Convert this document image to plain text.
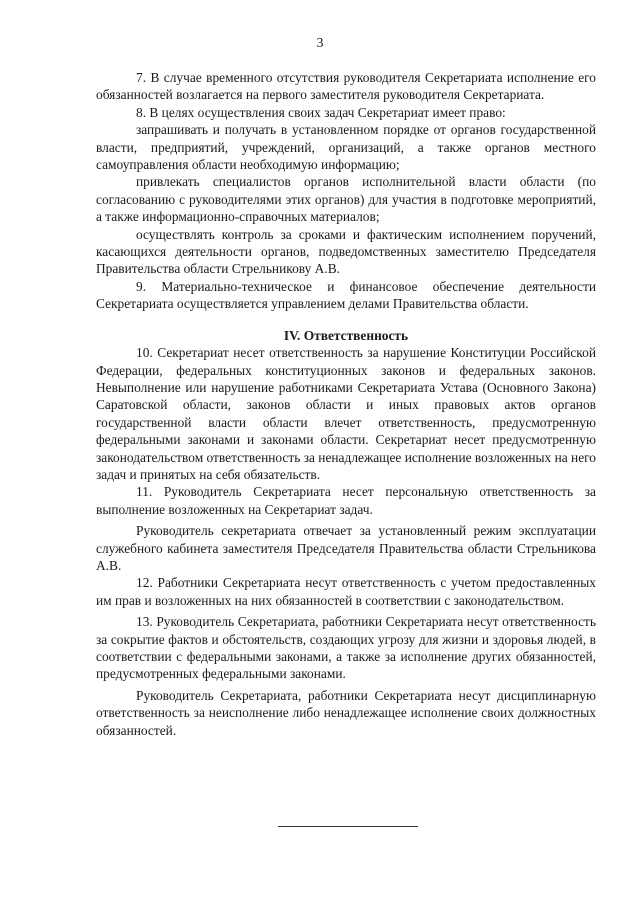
3

7. В случае временного отсутствия руководителя Секретариата исполнение его обязанностей возлагается на первого заместителя руководителя Секретариата.

8. В целях осуществления своих задач Секретариат имеет право:

запрашивать и получать в установленном порядке от органов государственной власти, предприятий, учреждений, организаций, а также органов местного самоуправления области необходимую информацию;

привлекать специалистов органов исполнительной власти области (по согласованию с руководителями этих органов) для участия в подготовке мероприятий, а также информационно-справочных материалов;

осуществлять контроль за сроками и фактическим исполнением поручений, касающихся деятельности органов, подведомственных заместителю Председателя Правительства области Стрельникову А.В.

9. Материально-техническое и финансовое обеспечение деятельности Секретариата осуществляется управлением делами Правительства области.

IV. Ответственность

10. Секретариат несет ответственность за нарушение Конституции Российской Федерации, федеральных конституционных законов и федеральных законов. Невыполнение или нарушение работниками Секретариата Устава (Основного Закона) Саратовской области, законов области и иных правовых актов органов государственной власти области влечет ответственность, предусмотренную федеральными законами и законами области. Секретариат несет предусмотренную законодательством ответственность за ненадлежащее исполнение возложенных на него задач и принятых на себя обязательств.

11. Руководитель Секретариата несет персональную ответственность за выполнение возложенных на Секретариат задач.

Руководитель секретариата отвечает за установленный режим эксплуатации служебного кабинета заместителя Председателя Правительства области Стрельникова А.В.

12. Работники Секретариата несут ответственность с учетом предоставленных им прав и возложенных на них обязанностей в соответствии с законодательством.

13. Руководитель Секретариата, работники Секретариата несут ответственность за сокрытие фактов и обстоятельств, создающих угрозу для жизни и здоровья людей, в соответствии с федеральными законами, а также за исполнение других обязанностей, предусмотренных федеральными законами.

Руководитель Секретариата, работники Секретариата несут дисциплинарную ответственность за неисполнение либо ненадлежащее исполнение своих должностных обязанностей.
